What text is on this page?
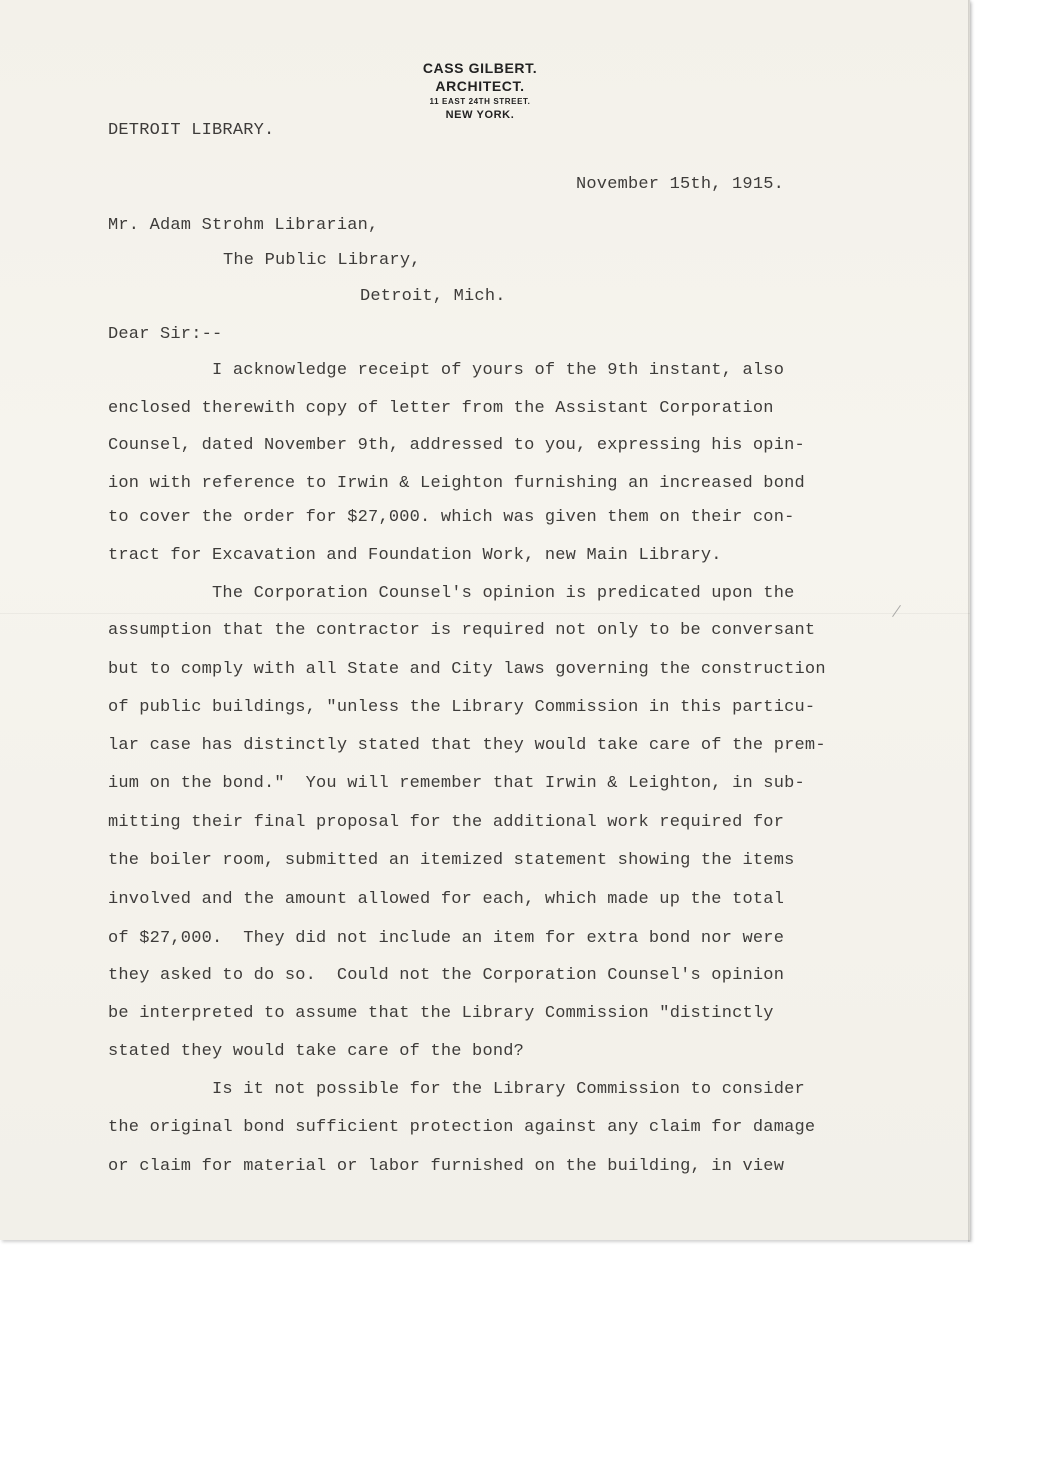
CASS GILBERT.
ARCHITECT.
11 EAST 24TH STREET.
NEW YORK.
DETROIT LIBRARY.
November 15th, 1915.
Mr. Adam Strohm Librarian,
The Public Library,
Detroit, Mich.
Dear Sir:--
I acknowledge receipt of yours of the 9th instant, also
enclosed therewith copy of letter from the Assistant Corporation
Counsel, dated November 9th, addressed to you, expressing his opin-
ion with reference to Irwin & Leighton furnishing an increased bond
to cover the order for $27,000. which was given them on their con-
tract for Excavation and Foundation Work, new Main Library.
The Corporation Counsel's opinion is predicated upon the
assumption that the contractor is required not only to be conversant
but to comply with all State and City laws governing the construction
of public buildings, "unless the Library Commission in this particu-
lar case has distinctly stated that they would take care of the prem-
ium on the bond."  You will remember that Irwin & Leighton, in sub-
mitting their final proposal for the additional work required for
the boiler room, submitted an itemized statement showing the items
involved and the amount allowed for each, which made up the total
of $27,000.  They did not include an item for extra bond nor were
they asked to do so.  Could not the Corporation Counsel's opinion
be interpreted to assume that the Library Commission "distinctly
stated they would take care of the bond?
Is it not possible for the Library Commission to consider
the original bond sufficient protection against any claim for damage
or claim for material or labor furnished on the building, in view
